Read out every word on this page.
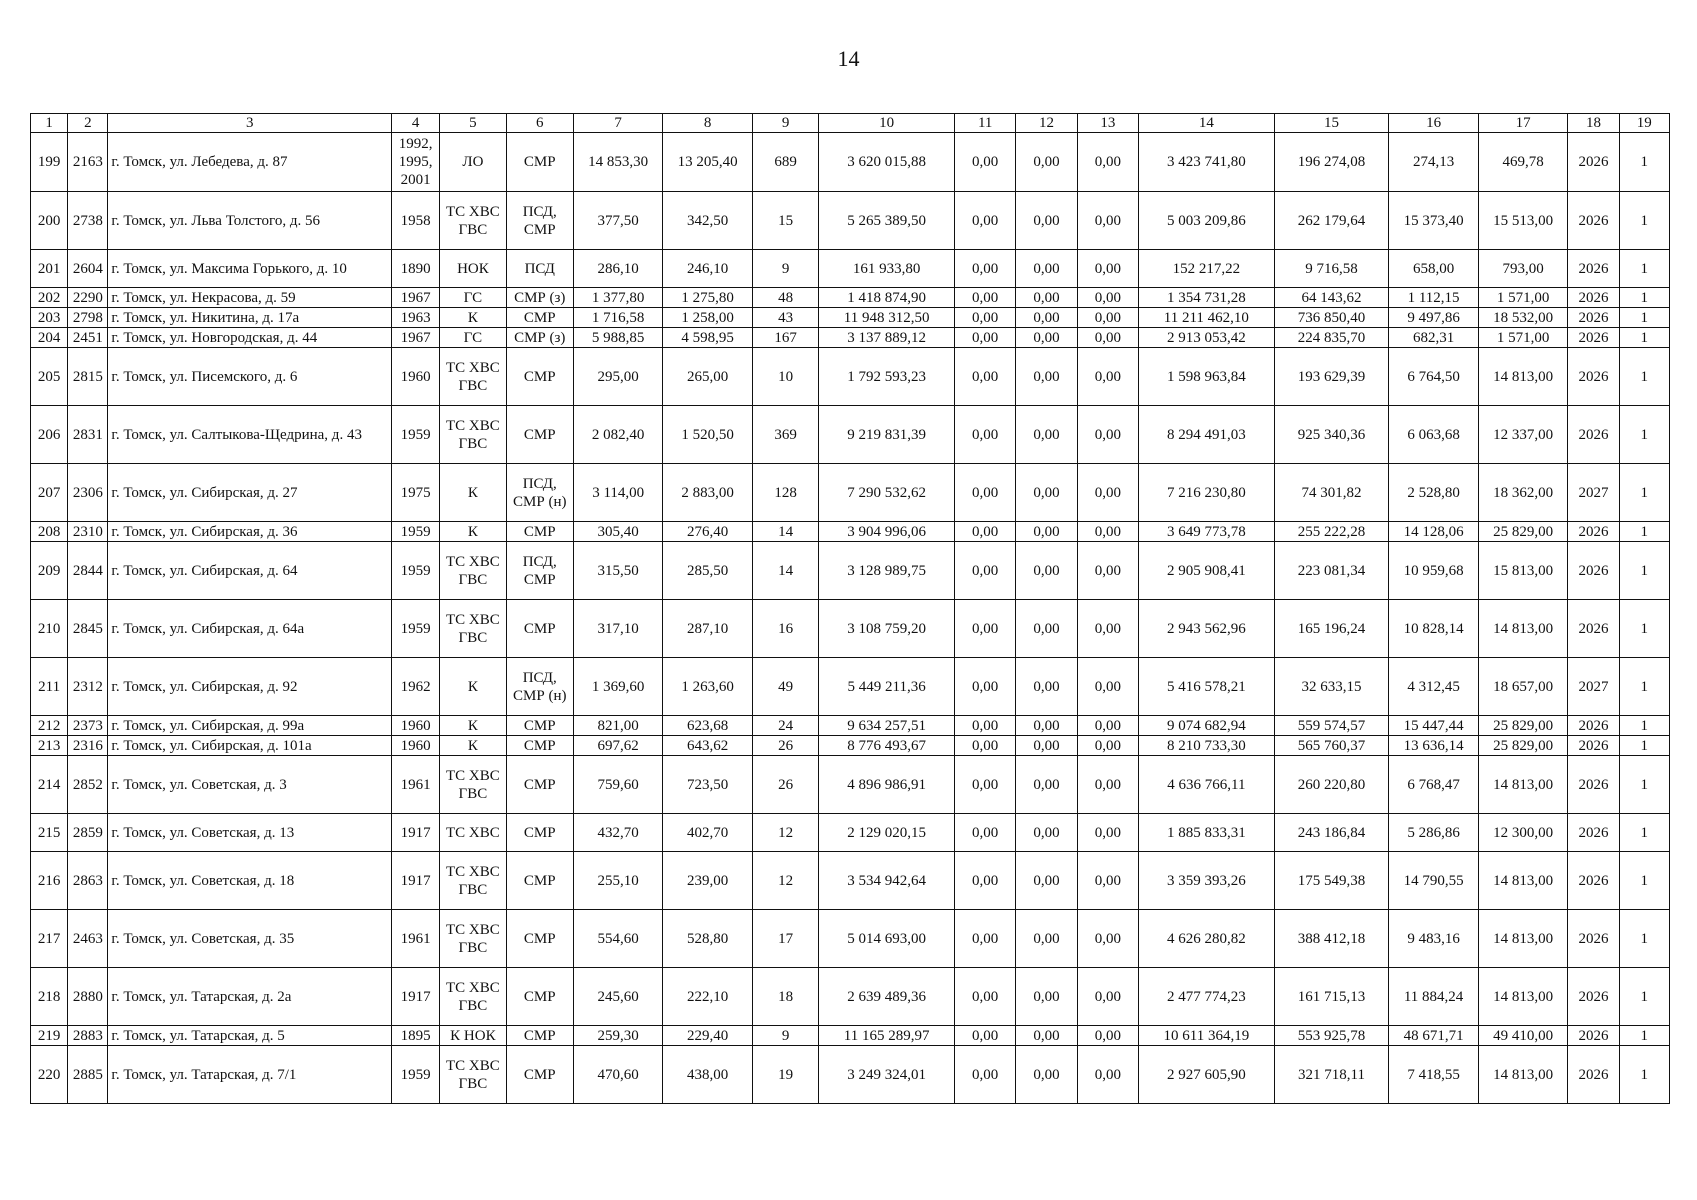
14
1	2	3	4	5	6	7	8	9	10	11	12	13	14	15	16	17	18	19
199	2163	г. Томск, ул. Лебедева, д. 87	1992,
1995,
2001	ЛО	СМР	14 853,30	13 205,40	689	3 620 015,88	0,00	0,00	0,00	3 423 741,80	196 274,08	274,13	469,78	2026	1
200	2738	г. Томск, ул. Льва Толстого, д. 56	1958	ТС ХВС
ГВС	ПСД,
СМР	377,50	342,50	15	5 265 389,50	0,00	0,00	0,00	5 003 209,86	262 179,64	15 373,40	15 513,00	2026	1
201	2604	г. Томск, ул. Максима Горького, д. 10	1890	НОК	ПСД	286,10	246,10	9	161 933,80	0,00	0,00	0,00	152 217,22	9 716,58	658,00	793,00	2026	1
202	2290	г. Томск, ул. Некрасова, д. 59	1967	ГС	СМР (з)	1 377,80	1 275,80	48	1 418 874,90	0,00	0,00	0,00	1 354 731,28	64 143,62	1 112,15	1 571,00	2026	1
203	2798	г. Томск, ул. Никитина, д. 17а	1963	К	СМР	1 716,58	1 258,00	43	11 948 312,50	0,00	0,00	0,00	11 211 462,10	736 850,40	9 497,86	18 532,00	2026	1
204	2451	г. Томск, ул. Новгородская, д. 44	1967	ГС	СМР (з)	5 988,85	4 598,95	167	3 137 889,12	0,00	0,00	0,00	2 913 053,42	224 835,70	682,31	1 571,00	2026	1
205	2815	г. Томск, ул. Писемского, д. 6	1960	ТС ХВС
ГВС	СМР	295,00	265,00	10	1 792 593,23	0,00	0,00	0,00	1 598 963,84	193 629,39	6 764,50	14 813,00	2026	1
206	2831	г. Томск, ул. Салтыкова-Щедрина, д. 43	1959	ТС ХВС
ГВС	СМР	2 082,40	1 520,50	369	9 219 831,39	0,00	0,00	0,00	8 294 491,03	925 340,36	6 063,68	12 337,00	2026	1
207	2306	г. Томск, ул. Сибирская, д. 27	1975	К	ПСД,
СМР (н)	3 114,00	2 883,00	128	7 290 532,62	0,00	0,00	0,00	7 216 230,80	74 301,82	2 528,80	18 362,00	2027	1
208	2310	г. Томск, ул. Сибирская, д. 36	1959	К	СМР	305,40	276,40	14	3 904 996,06	0,00	0,00	0,00	3 649 773,78	255 222,28	14 128,06	25 829,00	2026	1
209	2844	г. Томск, ул. Сибирская, д. 64	1959	ТС ХВС
ГВС	ПСД,
СМР	315,50	285,50	14	3 128 989,75	0,00	0,00	0,00	2 905 908,41	223 081,34	10 959,68	15 813,00	2026	1
210	2845	г. Томск, ул. Сибирская, д. 64а	1959	ТС ХВС
ГВС	СМР	317,10	287,10	16	3 108 759,20	0,00	0,00	0,00	2 943 562,96	165 196,24	10 828,14	14 813,00	2026	1
211	2312	г. Томск, ул. Сибирская, д. 92	1962	К	ПСД,
СМР (н)	1 369,60	1 263,60	49	5 449 211,36	0,00	0,00	0,00	5 416 578,21	32 633,15	4 312,45	18 657,00	2027	1
212	2373	г. Томск, ул. Сибирская, д. 99а	1960	К	СМР	821,00	623,68	24	9 634 257,51	0,00	0,00	0,00	9 074 682,94	559 574,57	15 447,44	25 829,00	2026	1
213	2316	г. Томск, ул. Сибирская, д. 101а	1960	К	СМР	697,62	643,62	26	8 776 493,67	0,00	0,00	0,00	8 210 733,30	565 760,37	13 636,14	25 829,00	2026	1
214	2852	г. Томск, ул. Советская, д. 3	1961	ТС ХВС
ГВС	СМР	759,60	723,50	26	4 896 986,91	0,00	0,00	0,00	4 636 766,11	260 220,80	6 768,47	14 813,00	2026	1
215	2859	г. Томск, ул. Советская, д. 13	1917	ТС ХВС	СМР	432,70	402,70	12	2 129 020,15	0,00	0,00	0,00	1 885 833,31	243 186,84	5 286,86	12 300,00	2026	1
216	2863	г. Томск, ул. Советская, д. 18	1917	ТС ХВС
ГВС	СМР	255,10	239,00	12	3 534 942,64	0,00	0,00	0,00	3 359 393,26	175 549,38	14 790,55	14 813,00	2026	1
217	2463	г. Томск, ул. Советская, д. 35	1961	ТС ХВС
ГВС	СМР	554,60	528,80	17	5 014 693,00	0,00	0,00	0,00	4 626 280,82	388 412,18	9 483,16	14 813,00	2026	1
218	2880	г. Томск, ул. Татарская, д. 2а	1917	ТС ХВС
ГВС	СМР	245,60	222,10	18	2 639 489,36	0,00	0,00	0,00	2 477 774,23	161 715,13	11 884,24	14 813,00	2026	1
219	2883	г. Томск, ул. Татарская, д. 5	1895	К НОК	СМР	259,30	229,40	9	11 165 289,97	0,00	0,00	0,00	10 611 364,19	553 925,78	48 671,71	49 410,00	2026	1
220	2885	г. Томск, ул. Татарская, д. 7/1	1959	ТС ХВС
ГВС	СМР	470,60	438,00	19	3 249 324,01	0,00	0,00	0,00	2 927 605,90	321 718,11	7 418,55	14 813,00	2026	1
